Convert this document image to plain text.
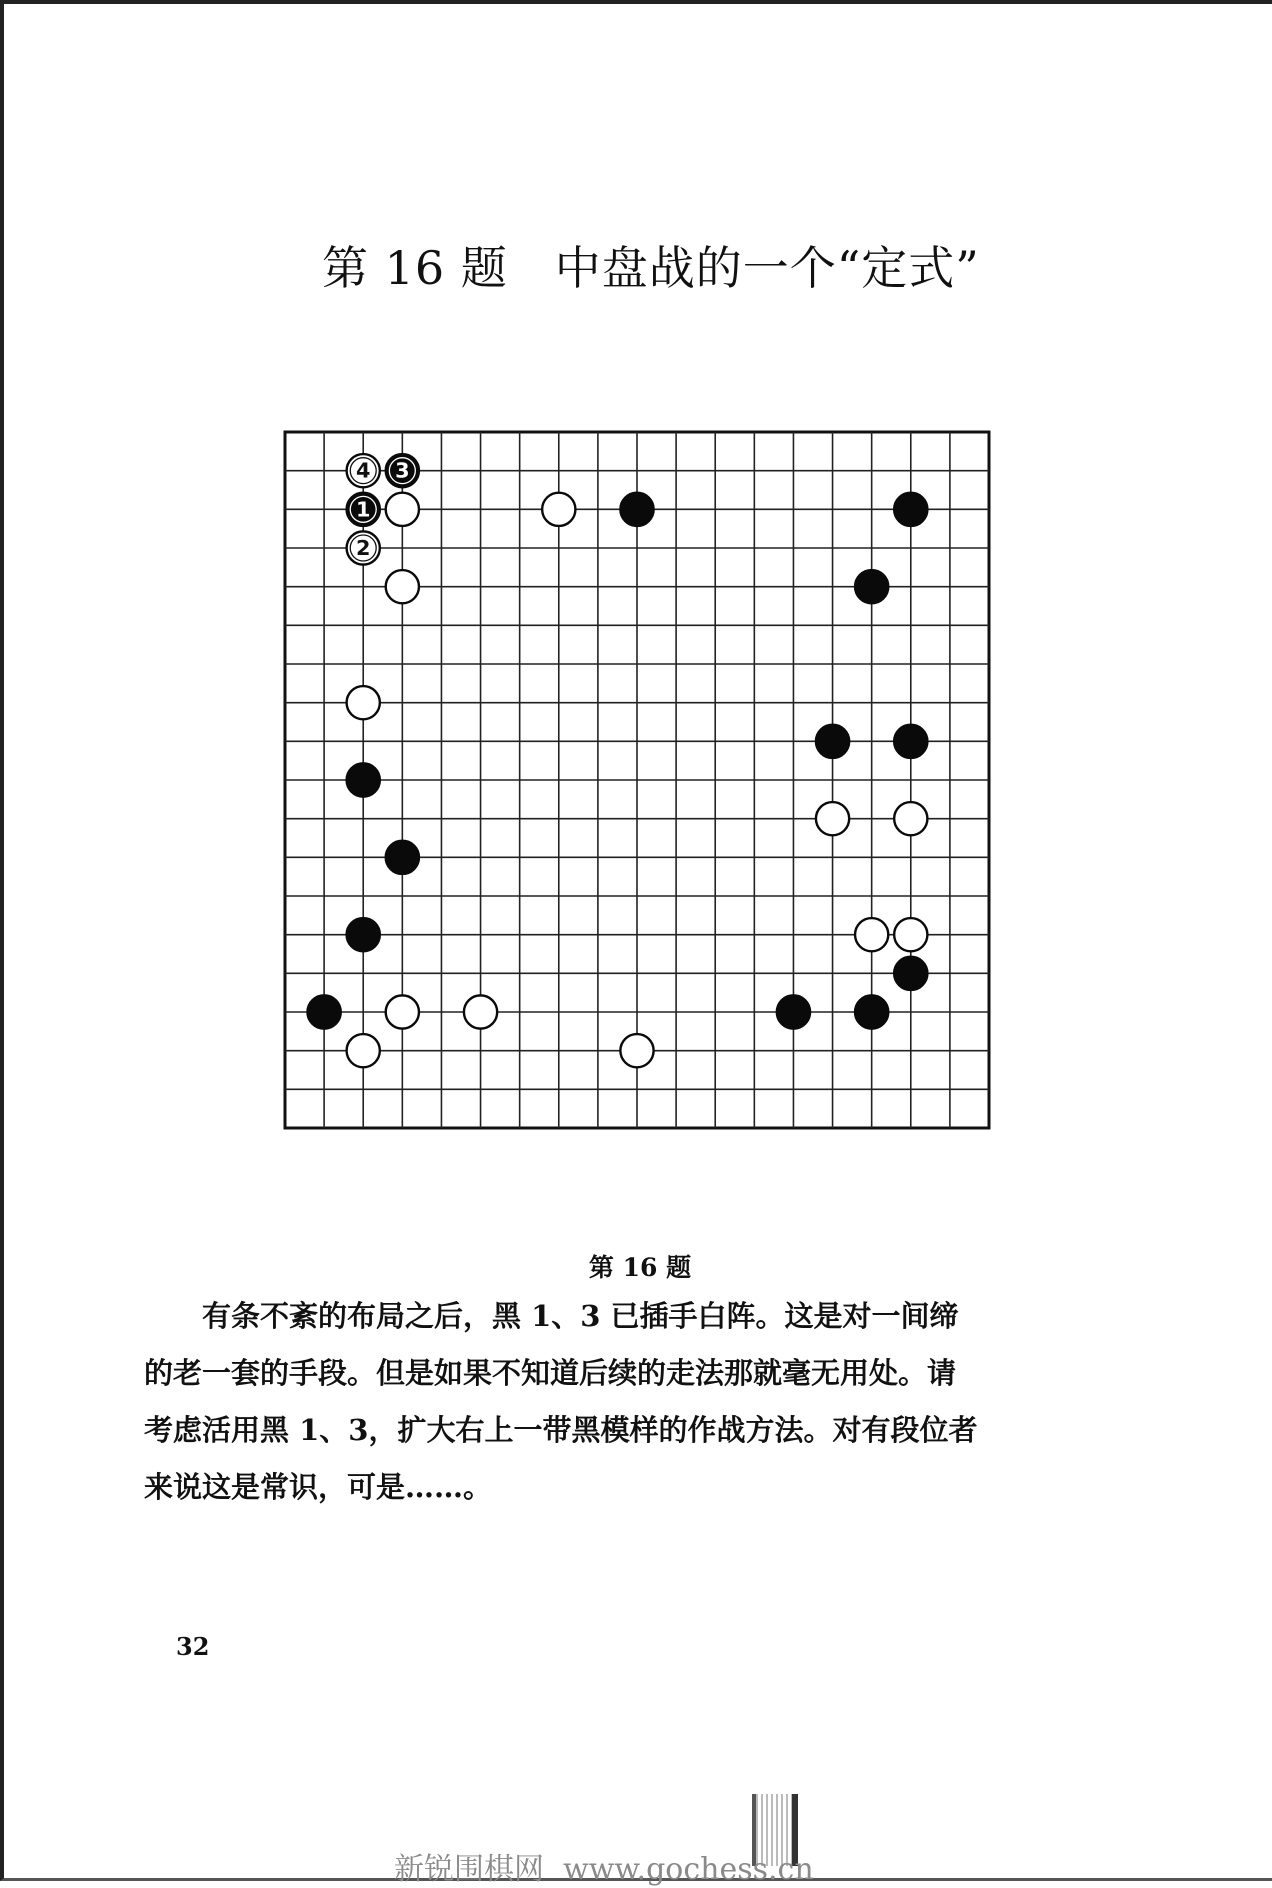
第 16 题　中盘战的一个“定式”
4 3
1
2
第 16 题

　　有条不紊的布局之后，黑 1、3 已插手白阵。这是对一间缔

的老一套的手段。但是如果不知道后续的走法那就毫无用处。请

考虑活用黑 1、3，扩大右上一带黑模样的作战方法。对有段位者

来说这是常识，可是……。

32
新锐围棋网  www.gochess.cn
